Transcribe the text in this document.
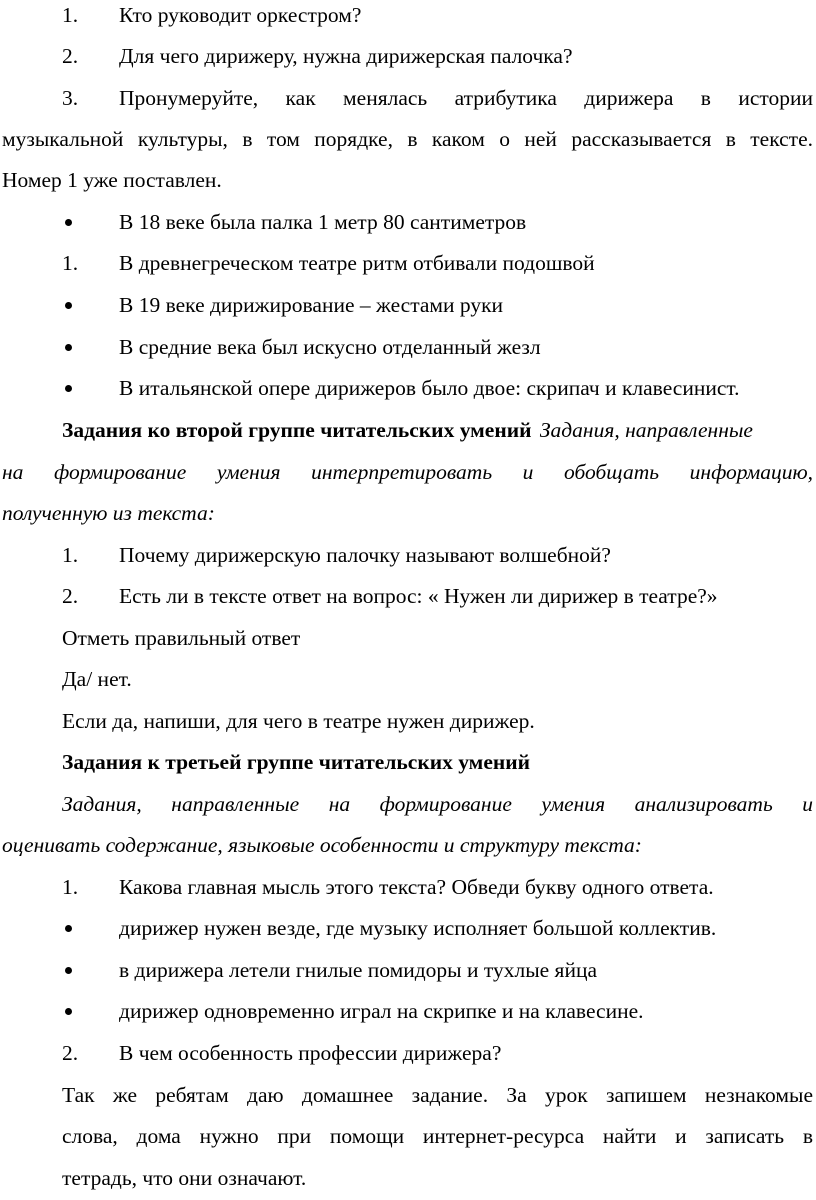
1. Кто руководит оркестром?
2. Для чего дирижеру, нужна дирижерская палочка?
3. Пронумеруйте, как менялась атрибутика дирижера в истории
музыкальной культуры, в том порядке, в каком о ней рассказывается в тексте.
Номер 1 уже поставлен.
В 18 веке была палка 1 метр 80 сантиметров
1. В древнегреческом театре ритм отбивали подошвой
В 19 веке дирижирование – жестами руки
В средние века был искусно отделанный жезл
В итальянской опере дирижеров было двое: скрипач и клавесинист.
Задания ко второй группе читательских умений Задания, направленные
на формирование умения интерпретировать и обобщать информацию,
полученную из текста:
1. Почему дирижерскую палочку называют волшебной?
2. Есть ли в тексте ответ на вопрос: « Нужен ли дирижер в театре?»
Отметь правильный ответ
Да/ нет.
Если да, напиши, для чего в театре нужен дирижер.
Задания к третьей группе читательских умений
Задания, направленные на формирование умения анализировать и
оценивать содержание, языковые особенности и структуру текста:
1. Какова главная мысль этого текста? Обведи букву одного ответа.
дирижер нужен везде, где музыку исполняет большой коллектив.
в дирижера летели гнилые помидоры и тухлые яйца
дирижер одновременно играл на скрипке и на клавесине.
2. В чем особенность профессии дирижера?
Так же ребятам даю домашнее задание. За урок запишем незнакомые
слова, дома нужно при помощи интернет-ресурса найти и записать в
тетрадь, что они означают.
